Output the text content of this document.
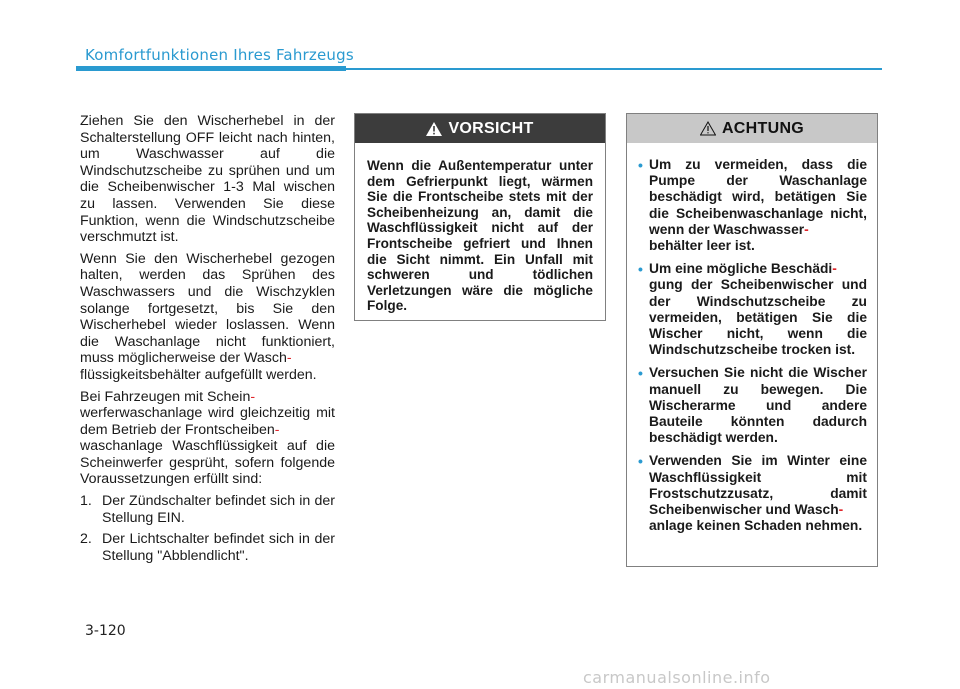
Komfortfunktionen Ihres Fahrzeugs

Ziehen Sie den Wischerhebel in der Schalterstellung OFF leicht nach hinten, um Waschwasser auf die Windschutzscheibe zu sprühen und um die Scheibenwischer 1-3 Mal wischen zu lassen. Verwenden Sie diese Funktion, wenn die Windschutzscheibe verschmutzt ist.

Wenn Sie den Wischerhebel gezogen halten, werden das Sprühen des Waschwassers und die Wischzyklen solange fortgesetzt, bis Sie den Wischerhebel wieder loslassen. Wenn die Waschanlage nicht funktioniert, muss möglicherweise der Wasch-
flüssigkeitsbehälter aufgefüllt werden.

Bei Fahrzeugen mit Schein-
werferwaschanlage wird gleichzeitig mit dem Betrieb der Frontscheiben-
waschanlage Waschflüssigkeit auf die Scheinwerfer gesprüht, sofern folgende Voraussetzungen erfüllt sind:

1. Der Zündschalter befindet sich in der Stellung EIN.
2. Der Lichtschalter befindet sich in der Stellung "Abblendlicht".
VORSICHT
Wenn die Außentemperatur unter dem Gefrierpunkt liegt, wärmen Sie die Frontscheibe stets mit der Scheibenheizung an, damit die Waschflüssigkeit nicht auf der Frontscheibe gefriert und Ihnen die Sicht nimmt. Ein Unfall mit schweren und tödlichen Verletzungen wäre die mögliche Folge.
ACHTUNG
• Um zu vermeiden, dass die Pumpe der Waschanlage beschädigt wird, betätigen Sie die Scheibenwaschanlage nicht, wenn der Waschwasser-
behälter leer ist.
• Um eine mögliche Beschädi-
gung der Scheibenwischer und der Windschutzscheibe zu vermeiden, betätigen Sie die Wischer nicht, wenn die Windschutzscheibe trocken ist.
• Versuchen Sie nicht die Wischer manuell zu bewegen. Die Wischerarme und andere Bauteile könnten dadurch beschädigt werden.
• Verwenden Sie im Winter eine Waschflüssigkeit mit Frostschutzzusatz, damit Scheibenwischer und Wasch-
anlage keinen Schaden nehmen.
3-120
carmanualsonline.info
